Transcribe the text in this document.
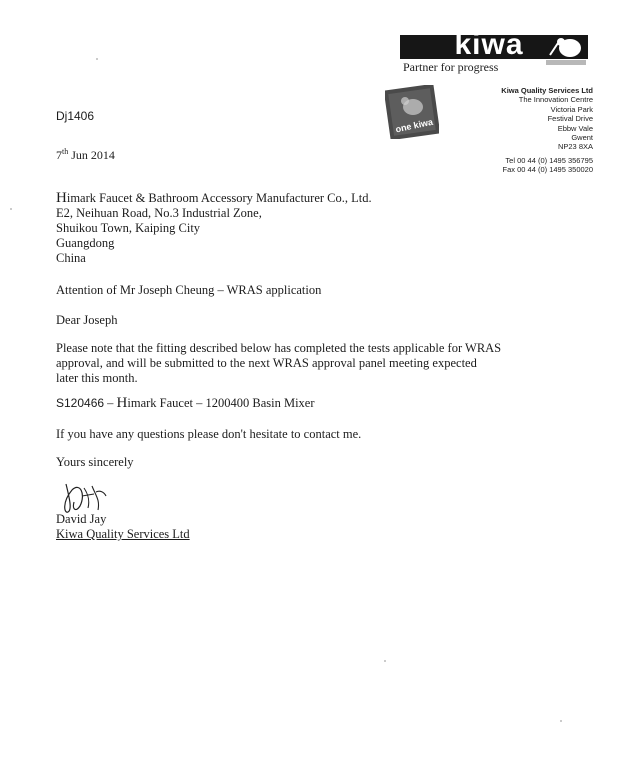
kiwa
Partner for progress
one kiwa
Kiwa Quality Services Ltd
The Innovation Centre
Victoria Park
Festival Drive
Ebbw Vale
Gwent
NP23 8XA
Tel 00 44 (0) 1495 356795
Fax 00 44 (0) 1495 350020
Dj1406
7th Jun 2014
Himark Faucet & Bathroom Accessory Manufacturer Co., Ltd.
E2, Neihuan Road, No.3 Industrial Zone,
Shuikou Town, Kaiping City
Guangdong
China
Attention of Mr Joseph Cheung – WRAS application
Dear Joseph
Please note that the fitting described below has completed the tests applicable for WRAS
approval, and will be submitted to the next WRAS approval panel meeting expected
later this month.
S120466 – Himark Faucet – 1200400 Basin Mixer
If you have any questions please don't hesitate to contact me.
Yours sincerely
David Jay
Kiwa Quality Services Ltd
